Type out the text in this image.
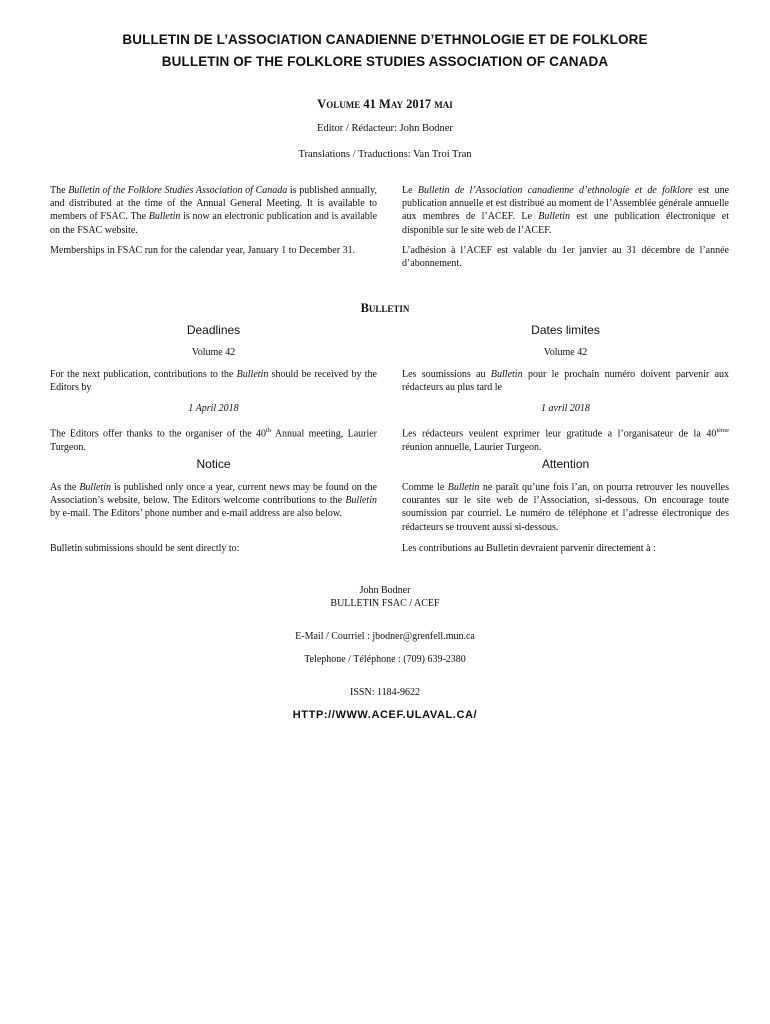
BULLETIN DE L’ASSOCIATION CANADIENNE D’ETHNOLOGIE ET DE FOLKLORE
BULLETIN OF THE FOLKLORE STUDIES ASSOCIATION OF CANADA
Volume 41 May 2017 mai
Editor / Rédacteur: John Bodner
Translations / Traductions: Van Troi Tran
The Bulletin of the Folklore Studies Association of Canada is published annually, and distributed at the time of the Annual General Meeting. It is available to members of FSAC. The Bulletin is now an electronic publication and is available on the FSAC website.
Memberships in FSAC run for the calendar year, January 1 to December 31.
Le Bulletin de l’Association canadienne d’ethnologie et de folklore est une publication annuelle et est distribué au moment de l’Assemblée générale annuelle aux membres de l’ACEF. Le Bulletin est une publication électronique et disponible sur le site web de l’ACEF.
L’adhésion à l’ACEF est valable du 1er janvier au 31 décembre de l’année d’abonnement.
Bulletin
Deadlines	Dates limites
Volume 42	Volume 42
For the next publication, contributions to the Bulletin should be received by the Editors by
Les soumissions au Bulletin pour le prochain numéro doivent parvenir aux rédacteurs au plus tard le
1 April 2018	1 avril 2018
The Editors offer thanks to the organiser of the 40th Annual meeting, Laurier Turgeon.
Les rédacteurs veulent exprimer leur gratitude a l’organisateur de la 40ième réunion annuelle, Laurier Turgeon.
Notice	Attention
As the Bulletin is published only once a year, current news may be found on the Association’s website, below. The Editors welcome contributions to the Bulletin by e-mail. The Editors’ phone number and e-mail address are also below.
Comme le Bulletin ne paraît qu’une fois l’an, on pourra retrouver les nouvelles courantes sur le site web de l’Association, si-dessous. On encourage toute soumission par courriel. Le numéro de téléphone et l’adresse électronique des rédacteurs se trouvent aussi si-dessous.
Bulletin submissions should be sent directly to:	Les contributions au Bulletin devraient parvenir directement à :
John Bodner
BULLETIN FSAC / ACEF
E-Mail / Courriel : jbodner@grenfell.mun.ca
Telephone / Téléphone : (709) 639-2380
ISSN: 1184-9622
HTTP://WWW.ACEF.ULAVAL.CA/
